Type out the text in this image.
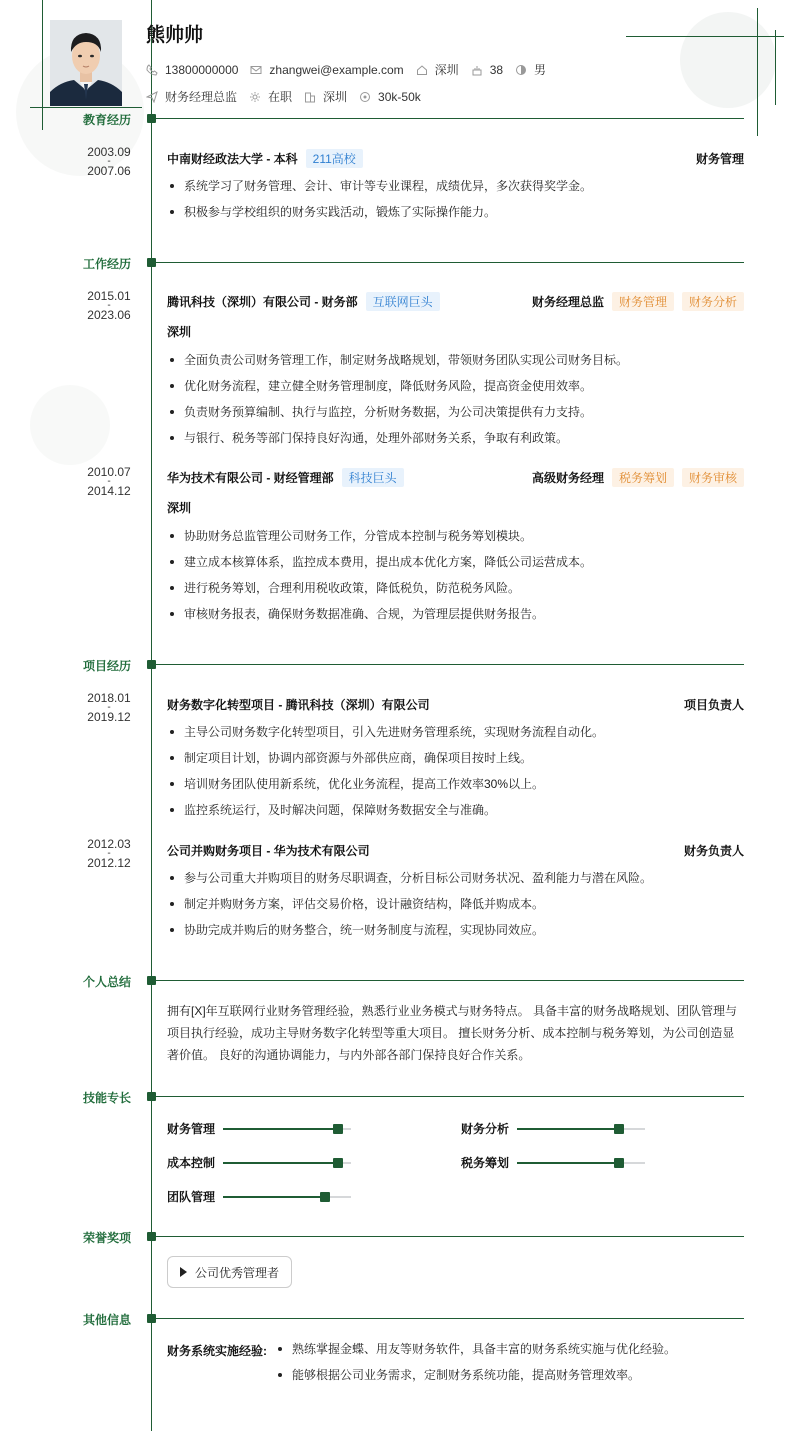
熊帅帅
13800000000	zhangwei@example.com	深圳	38	男
财务经理总监	在职	深圳	30k-50k
教育经历
2003.09
-
2007.06
中南财经政法大学 - 本科	211高校	财务管理
系统学习了财务管理、会计、审计等专业课程，成绩优异，多次获得奖学金。
积极参与学校组织的财务实践活动，锻炼了实际操作能力。
工作经历
2015.01
-
2023.06
腾讯科技（深圳）有限公司 - 财务部	互联网巨头	财务经理总监	财务管理	财务分析
深圳
全面负责公司财务管理工作，制定财务战略规划，带领财务团队实现公司财务目标。
优化财务流程，建立健全财务管理制度，降低财务风险，提高资金使用效率。
负责财务预算编制、执行与监控，分析财务数据，为公司决策提供有力支持。
与银行、税务等部门保持良好沟通，处理外部财务关系，争取有利政策。
2010.07
-
2014.12
华为技术有限公司 - 财经管理部	科技巨头	高级财务经理	税务筹划	财务审核
深圳
协助财务总监管理公司财务工作，分管成本控制与税务筹划模块。
建立成本核算体系，监控成本费用，提出成本优化方案，降低公司运营成本。
进行税务筹划，合理利用税收政策，降低税负，防范税务风险。
审核财务报表，确保财务数据准确、合规，为管理层提供财务报告。
项目经历
2018.01
-
2019.12
财务数字化转型项目 - 腾讯科技（深圳）有限公司	项目负责人
主导公司财务数字化转型项目，引入先进财务管理系统，实现财务流程自动化。
制定项目计划，协调内部资源与外部供应商，确保项目按时上线。
培训财务团队使用新系统，优化业务流程，提高工作效率30%以上。
监控系统运行，及时解决问题，保障财务数据安全与准确。
2012.03
-
2012.12
公司并购财务项目 - 华为技术有限公司	财务负责人
参与公司重大并购项目的财务尽职调查，分析目标公司财务状况、盈利能力与潜在风险。
制定并购财务方案，评估交易价格，设计融资结构，降低并购成本。
协助完成并购后的财务整合，统一财务制度与流程，实现协同效应。
个人总结
拥有[X]年互联网行业财务管理经验，熟悉行业业务模式与财务特点。 具备丰富的财务战略规划、团队管理与项目执行经验，成功主导财务数字化转型等重大项目。 擅长财务分析、成本控制与税务筹划，为公司创造显著价值。 良好的沟通协调能力，与内外部各部门保持良好合作关系。
技能专长
财务管理	财务分析
成本控制	税务筹划
团队管理
荣誉奖项
公司优秀管理者
其他信息
财务系统实施经验:	熟练掌握金蝶、用友等财务软件，具备丰富的财务系统实施与优化经验。
能够根据公司业务需求，定制财务系统功能，提高财务管理效率。
